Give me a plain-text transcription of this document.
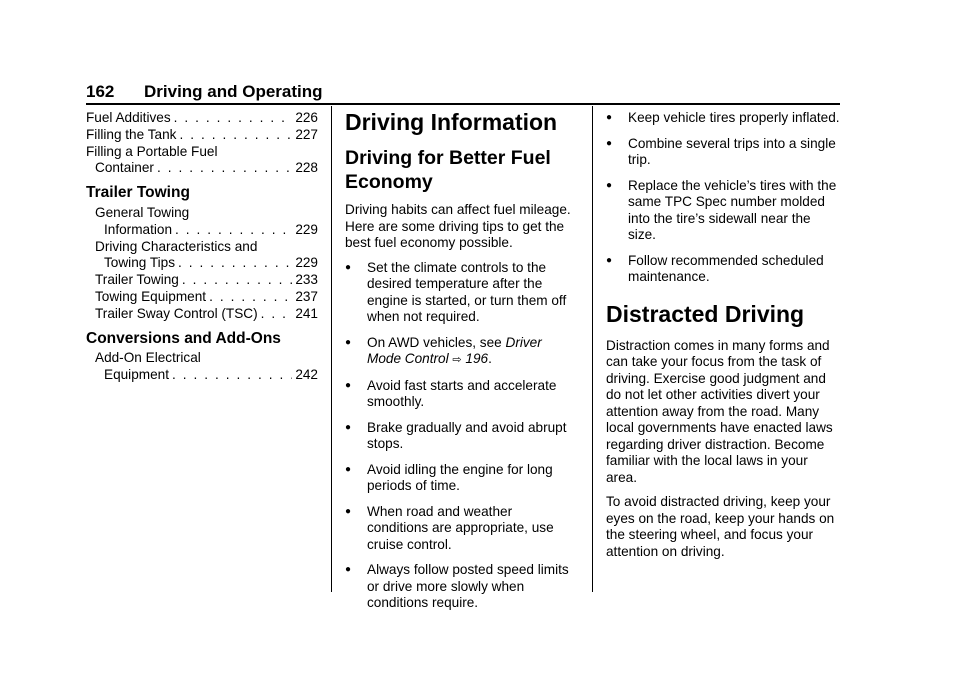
162 Driving and Operating
Fuel Additives . . .	226
Filling the Tank . . .	227
Filling a Portable Fuel
Container . . .	228
Trailer Towing
General Towing
Information . . .	229
Driving Characteristics and
Towing Tips . . .	229
Trailer Towing . . .	233
Towing Equipment . . .	237
Trailer Sway Control (TSC) . . .	241
Conversions and Add-Ons
Add-On Electrical
Equipment . . .	242
Driving Information
Driving for Better Fuel Economy

Driving habits can affect fuel mileage. Here are some driving tips to get the best fuel economy possible.

●	Set the climate controls to the desired temperature after the engine is started, or turn them off when not required.
●	On AWD vehicles, see Driver Mode Control ⇨ 196.
●	Avoid fast starts and accelerate smoothly.
●	Brake gradually and avoid abrupt stops.
●	Avoid idling the engine for long periods of time.
●	When road and weather conditions are appropriate, use cruise control.
●	Always follow posted speed limits or drive more slowly when conditions require.
●	Keep vehicle tires properly inflated.
●	Combine several trips into a single trip.
●	Replace the vehicle’s tires with the same TPC Spec number molded into the tire’s sidewall near the size.
●	Follow recommended scheduled maintenance.
Distracted Driving

Distraction comes in many forms and can take your focus from the task of driving. Exercise good judgment and do not let other activities divert your attention away from the road. Many local governments have enacted laws regarding driver distraction. Become familiar with the local laws in your area.

To avoid distracted driving, keep your eyes on the road, keep your hands on the steering wheel, and focus your attention on driving.
